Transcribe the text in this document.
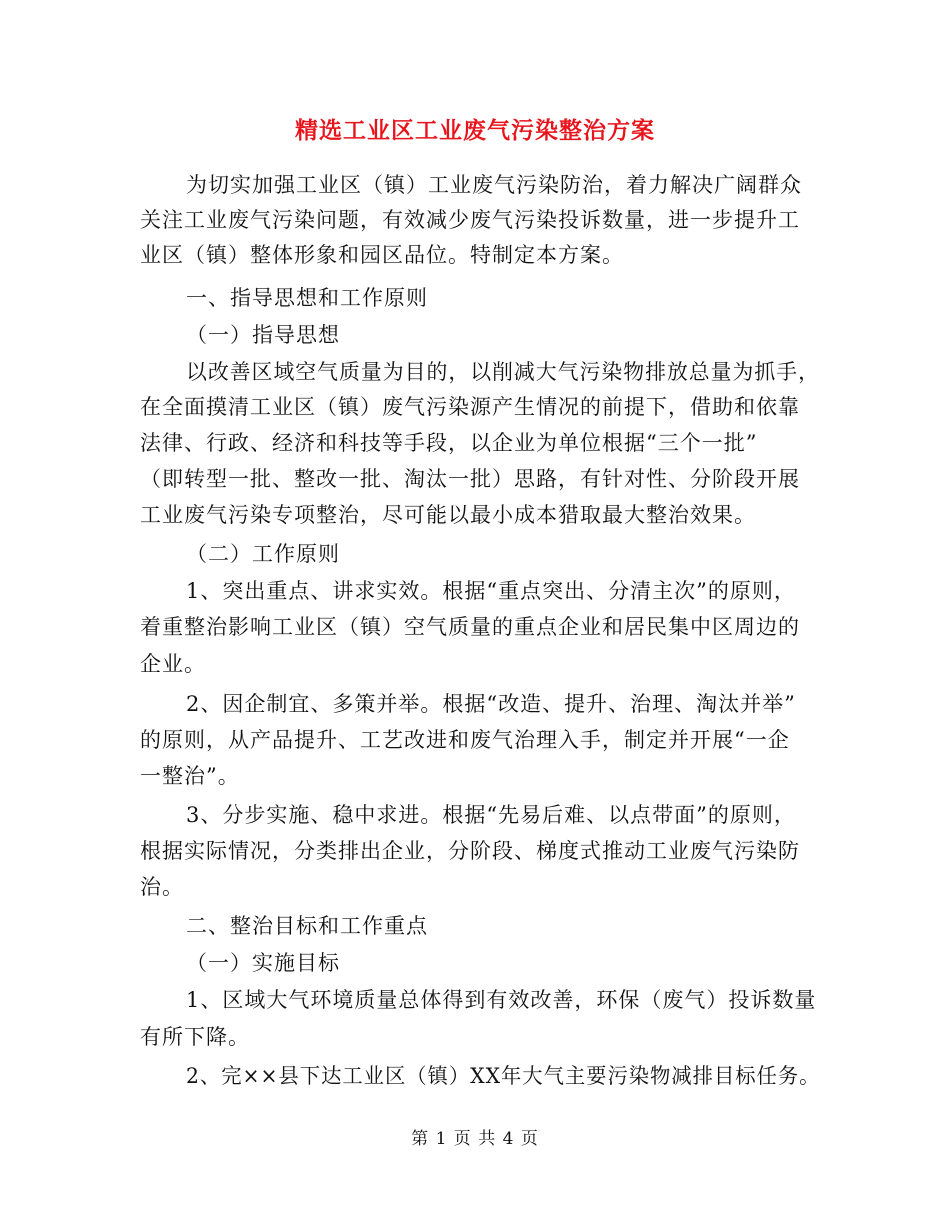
精选工业区工业废气污染整治方案
为切实加强工业区（镇）工业废气污染防治，着力解决广阔群众
关注工业废气污染问题，有效减少废气污染投诉数量，进一步提升工
业区（镇）整体形象和园区品位。特制定本方案。
一、指导思想和工作原则
（一）指导思想
以改善区域空气质量为目的，以削减大气污染物排放总量为抓手，
在全面摸清工业区（镇）废气污染源产生情况的前提下，借助和依靠
法律、行政、经济和科技等手段，以企业为单位根据“三个一批”
（即转型一批、整改一批、淘汰一批）思路，有针对性、分阶段开展
工业废气污染专项整治，尽可能以最小成本猎取最大整治效果。
（二）工作原则
1、突出重点、讲求实效。根据“重点突出、分清主次”的原则，
着重整治影响工业区（镇）空气质量的重点企业和居民集中区周边的
企业。
2、因企制宜、多策并举。根据“改造、提升、治理、淘汰并举”
的原则，从产品提升、工艺改进和废气治理入手，制定并开展“一企
一整治”。
3、分步实施、稳中求进。根据“先易后难、以点带面”的原则，
根据实际情况，分类排出企业，分阶段、梯度式推动工业废气污染防
治。
二、整治目标和工作重点
（一）实施目标
1、区域大气环境质量总体得到有效改善，环保（废气）投诉数量
有所下降。
2、完××县下达工业区（镇）XX年大气主要污染物减排目标任务。
第 1 页 共 4 页
